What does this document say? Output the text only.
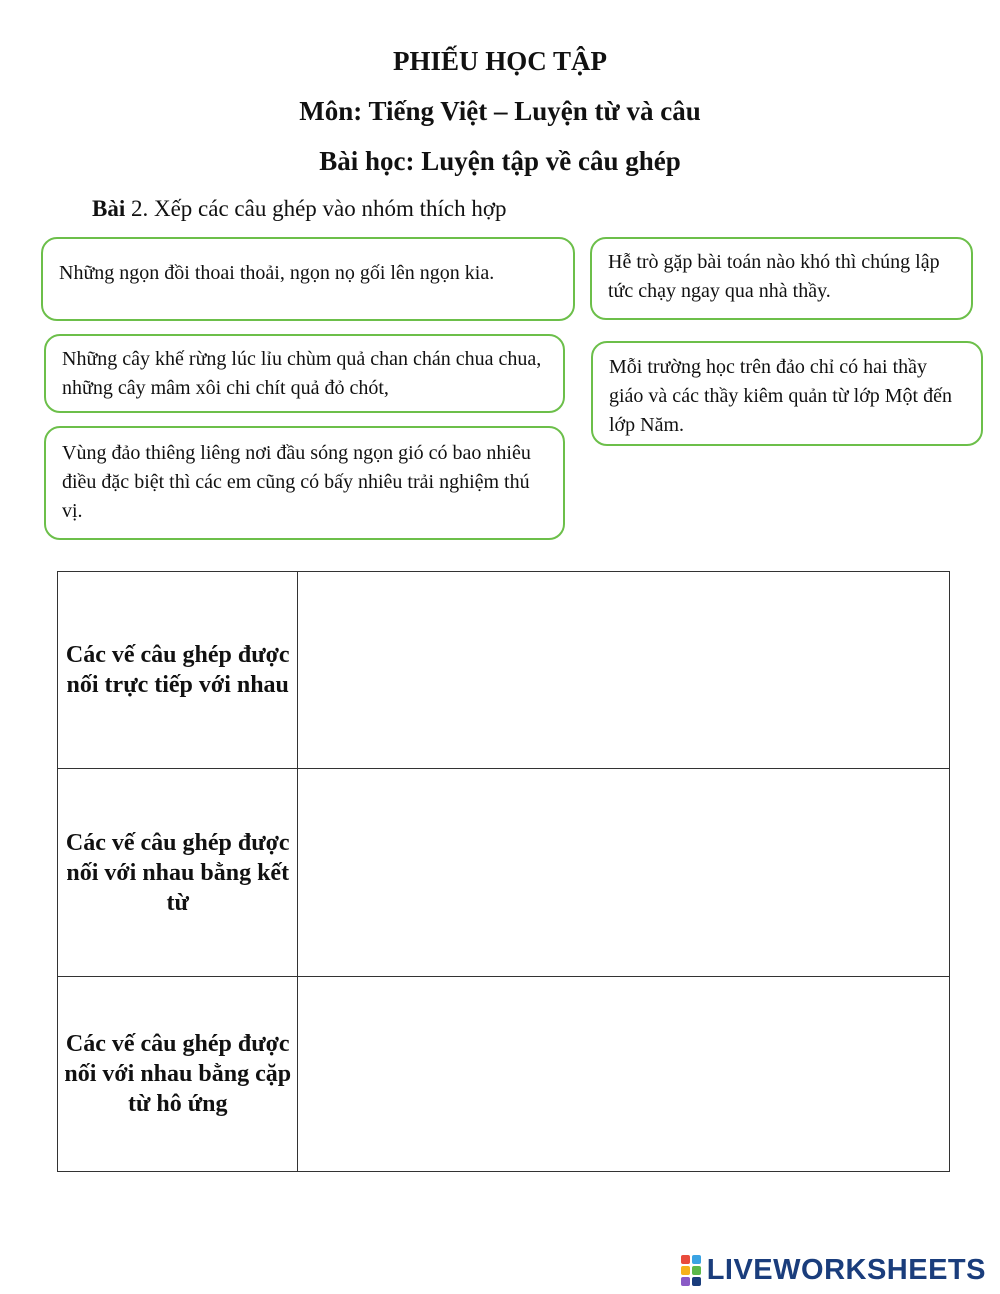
PHIẾU HỌC TẬP
Môn: Tiếng Việt – Luyện từ và câu
Bài học: Luyện tập về câu ghép
Bài 2. Xếp các câu ghép vào nhóm thích hợp
Những ngọn đồi thoai thoải, ngọn nọ gối lên ngọn kia.	Hễ trò gặp bài toán nào khó thì chúng lập tức chạy ngay qua nhà thầy.
Những cây khế rừng lúc lỉu chùm quả chan chán chua chua, những cây mâm xôi chi chít quả đỏ chót,
Mỗi trường học trên đảo chỉ có hai thầy giáo và các thầy kiêm quản từ lớp Một đến lớp Năm.
Vùng đảo thiêng liêng nơi đầu sóng ngọn gió có bao nhiêu điều đặc biệt thì các em cũng có bấy nhiêu trải nghiệm thú vị.
Các vế câu ghép được nối trực tiếp với nhau	
Các vế câu ghép được nối với nhau bằng kết từ	
Các vế câu ghép được nối với nhau bằng cặp từ hô ứng	
LIVEWORKSHEETS
